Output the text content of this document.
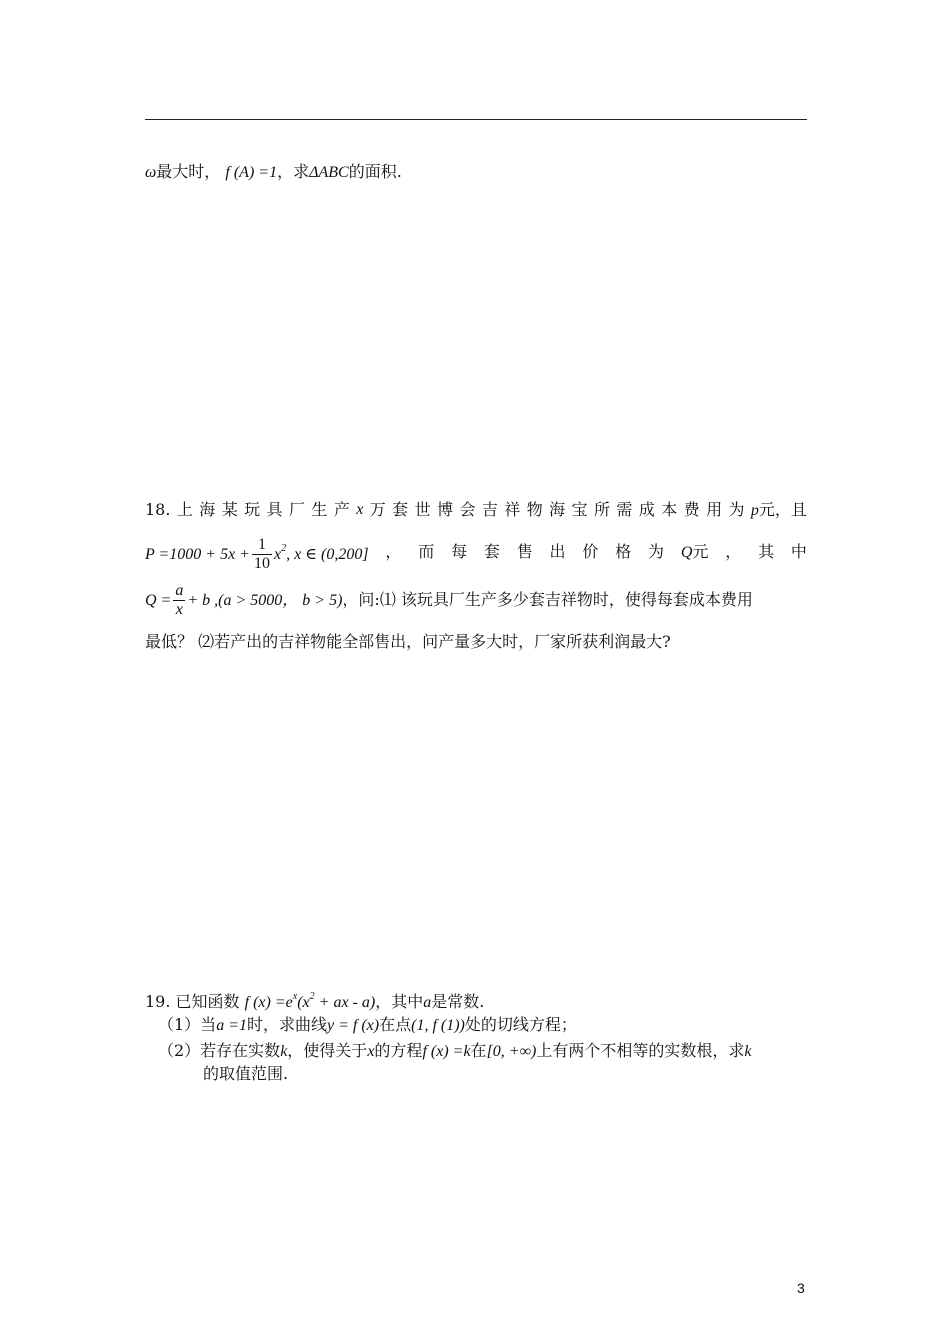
ω最大时， f (A) =1，求ΔABC的面积.
18. 上 海 某 玩 具 厂 生 产 x 万 套 世 博 会 吉 祥 物 海 宝 所 需 成 本 费 用 为 p元，且
$P =1000 + 5x + \frac{1}{10} x^2$, x ∈ (0,200] ， 而 每 套 售 出 价 格 为 Q元 ， 其 中
$Q = \frac{a}{x} + b$ ,(a > 5000， b > 5)，问:⑴ 该玩具厂生产多少套吉祥物时，使得每套成本费用
最低？ ⑵若产出的吉祥物能全部售出，问产量多大时，厂家所获利润最大?
19. 已知函数 f $(x) =e^x(x^2$ + ax - a)，其中a是常数.
（1）当a =1时，求曲线y = f (x)在点(1, f (1))处的切线方程；
（2）若存在实数k，使得关于x的方程f (x) =k在[0, +∞)上有两个不相等的实数根，求k
的取值范围.
3
